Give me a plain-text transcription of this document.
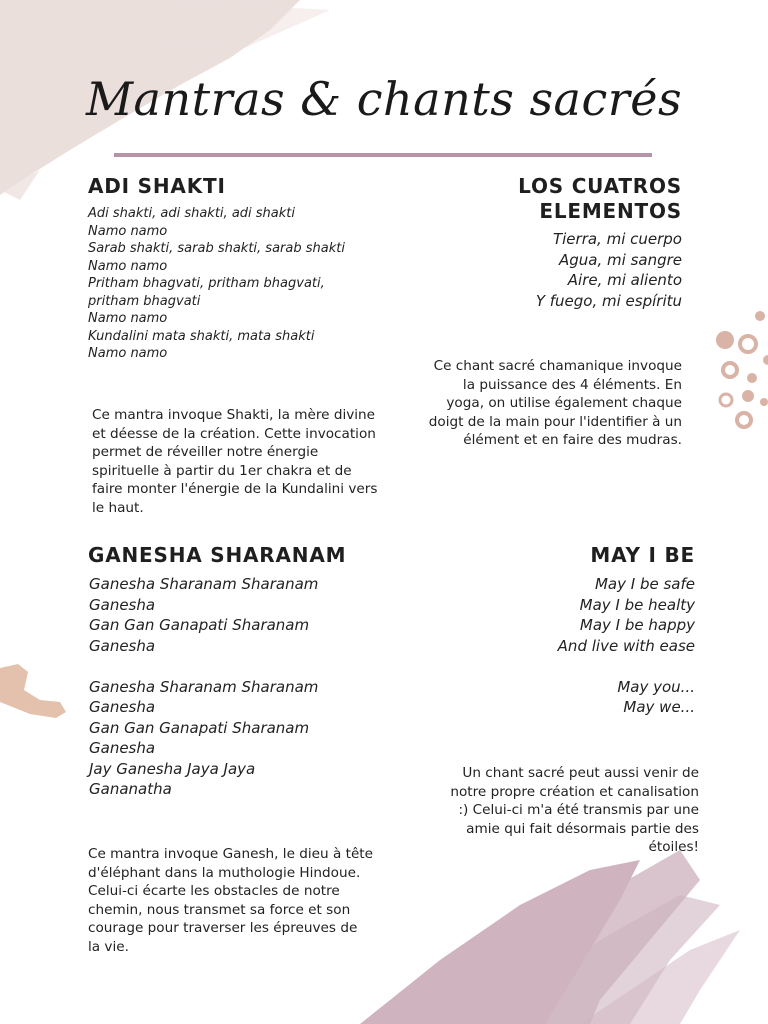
Mantras & chants sacrés
ADI SHAKTI
Adi shakti, adi shakti, adi shakti
Namo namo
Sarab shakti, sarab shakti, sarab shakti
Namo namo
Pritham bhagvati, pritham bhagvati,
pritham bhagvati
Namo namo
Kundalini mata shakti, mata shakti
Namo namo
Ce mantra invoque Shakti, la mère divine et déesse de la création. Cette invocation permet de réveiller notre énergie spirituelle à partir du 1er chakra et de faire monter l'énergie de la Kundalini vers le haut.
LOS CUATROS
ELEMENTOS
Tierra, mi cuerpo
Agua, mi sangre
Aire, mi aliento
Y fuego, mi espíritu
Ce chant sacré chamanique invoque la puissance des 4 éléments. En yoga, on utilise également chaque doigt de la main pour l'identifier à un élément et en faire des mudras.
GANESHA SHARANAM
Ganesha Sharanam Sharanam
Ganesha
Gan Gan Ganapati Sharanam
Ganesha

Ganesha Sharanam Sharanam
Ganesha
Gan Gan Ganapati Sharanam
Ganesha
Jay Ganesha Jaya Jaya
Gananatha
Ce mantra invoque Ganesh, le dieu à tête d'éléphant dans la muthologie Hindoue. Celui-ci écarte les obstacles de notre chemin, nous transmet sa force et son courage pour traverser les épreuves de la vie.
MAY I BE
May I be safe
May I be healty
May I be happy
And live with ease

May you...
May we...
Un chant sacré peut aussi venir de notre propre création et canalisation :) Celui-ci m'a été transmis par une amie qui fait désormais partie des étoiles!
